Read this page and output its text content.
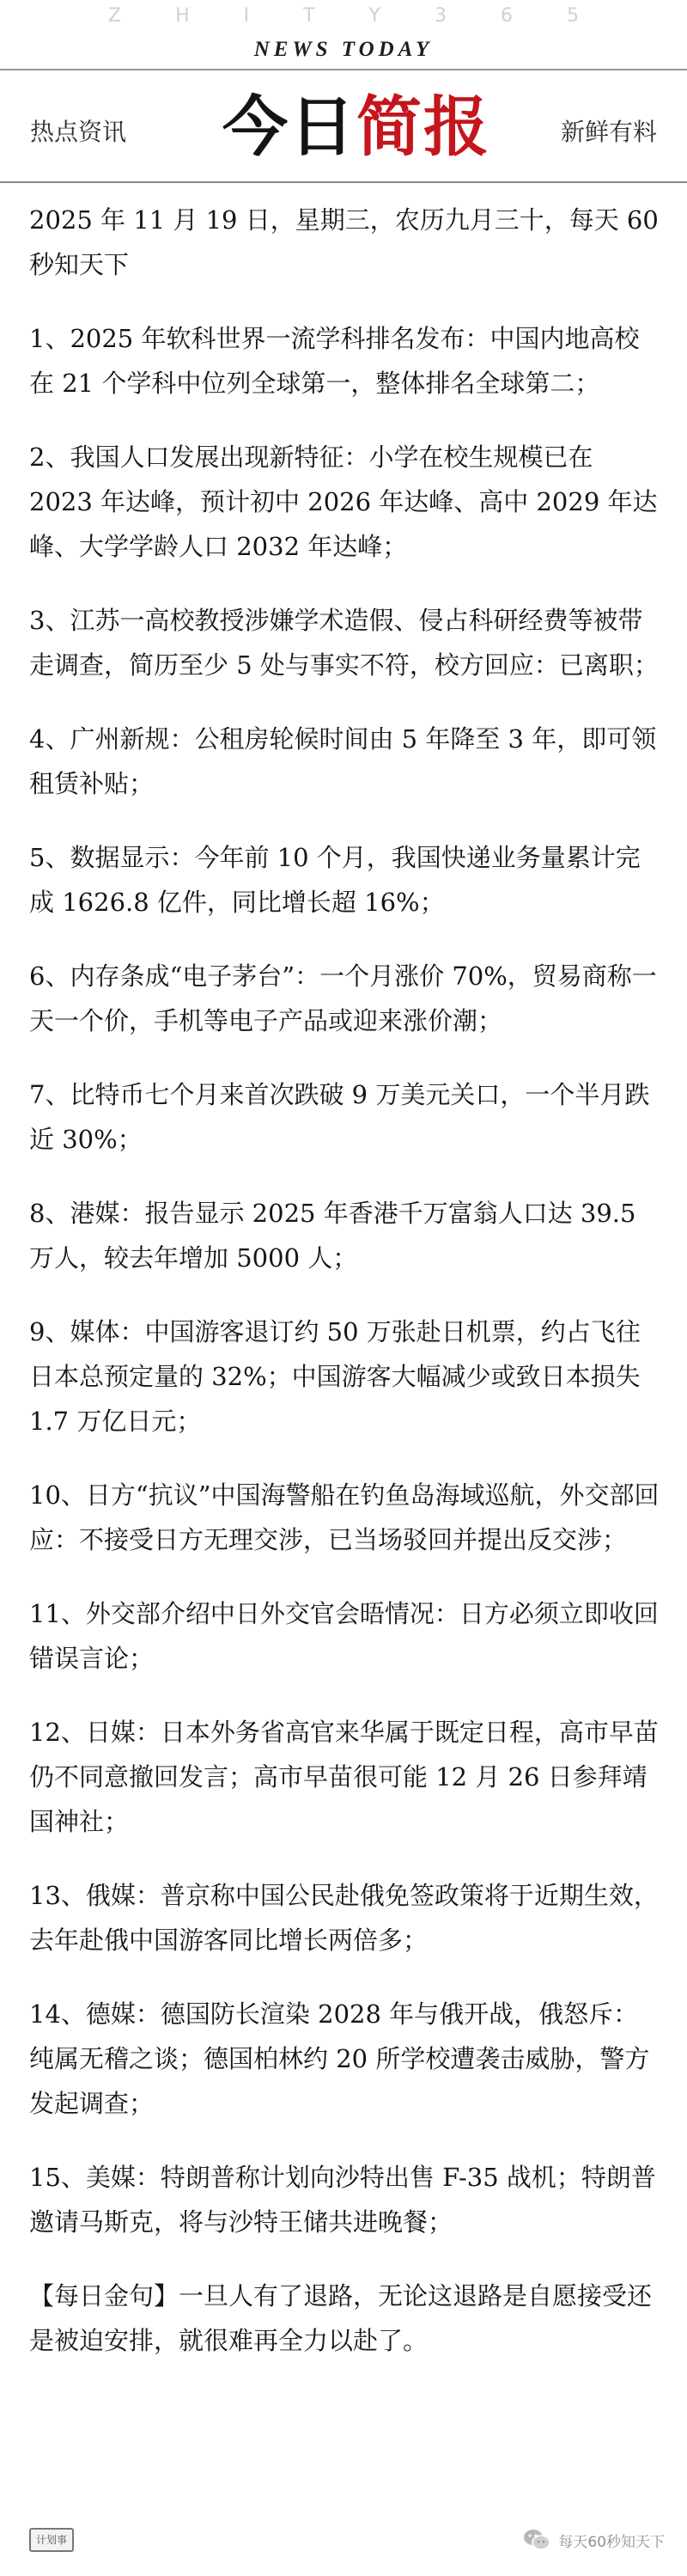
Z H I T Y 3 6 5
NEWS TODAY
热点资讯 今日简报	新鲜有料

2025 年 11 月 19 日，星期三，农历九月三十，每天 60 秒知天下

1、2025 年软科世界一流学科排名发布：中国内地高校在 21 个学科中位列全球第一，整体排名全球第二；

2、我国人口发展出现新特征：小学在校生规模已在 2023 年达峰，预计初中 2026 年达峰、高中 2029 年达峰、大学学龄人口 2032 年达峰；

3、江苏一高校教授涉嫌学术造假、侵占科研经费等被带走调查，简历至少 5 处与事实不符，校方回应：已离职；

4、广州新规：公租房轮候时间由 5 年降至 3 年，即可领租赁补贴；

5、数据显示：今年前 10 个月，我国快递业务量累计完成 1626.8 亿件，同比增长超 16%；

6、内存条成“电子茅台”：一个月涨价 70%，贸易商称一天一个价，手机等电子产品或迎来涨价潮；

7、比特币七个月来首次跌破 9 万美元关口，一个半月跌近 30%；

8、港媒：报告显示 2025 年香港千万富翁人口达 39.5 万人，较去年增加 5000 人；

9、媒体：中国游客退订约 50 万张赴日机票，约占飞往日本总预定量的 32%；中国游客大幅减少或致日本损失 1.7 万亿日元；

10、日方“抗议”中国海警船在钓鱼岛海域巡航，外交部回应：不接受日方无理交涉，已当场驳回并提出反交涉；

11、外交部介绍中日外交官会晤情况：日方必须立即收回错误言论；

12、日媒：日本外务省高官来华属于既定日程，高市早苗仍不同意撤回发言；高市早苗很可能 12 月 26 日参拜靖国神社；

13、俄媒：普京称中国公民赴俄免签政策将于近期生效，去年赴俄中国游客同比增长两倍多；

14、德媒：德国防长渲染 2028 年与俄开战，俄怒斥：纯属无稽之谈；德国柏林约 20 所学校遭袭击威胁，警方发起调查；

15、美媒：特朗普称计划向沙特出售 F-35 战机；特朗普邀请马斯克，将与沙特王储共进晚餐；

【每日金句】一旦人有了退路，无论这退路是自愿接受还是被迫安排，就很难再全力以赴了。

计划事	每天60秒知天下
